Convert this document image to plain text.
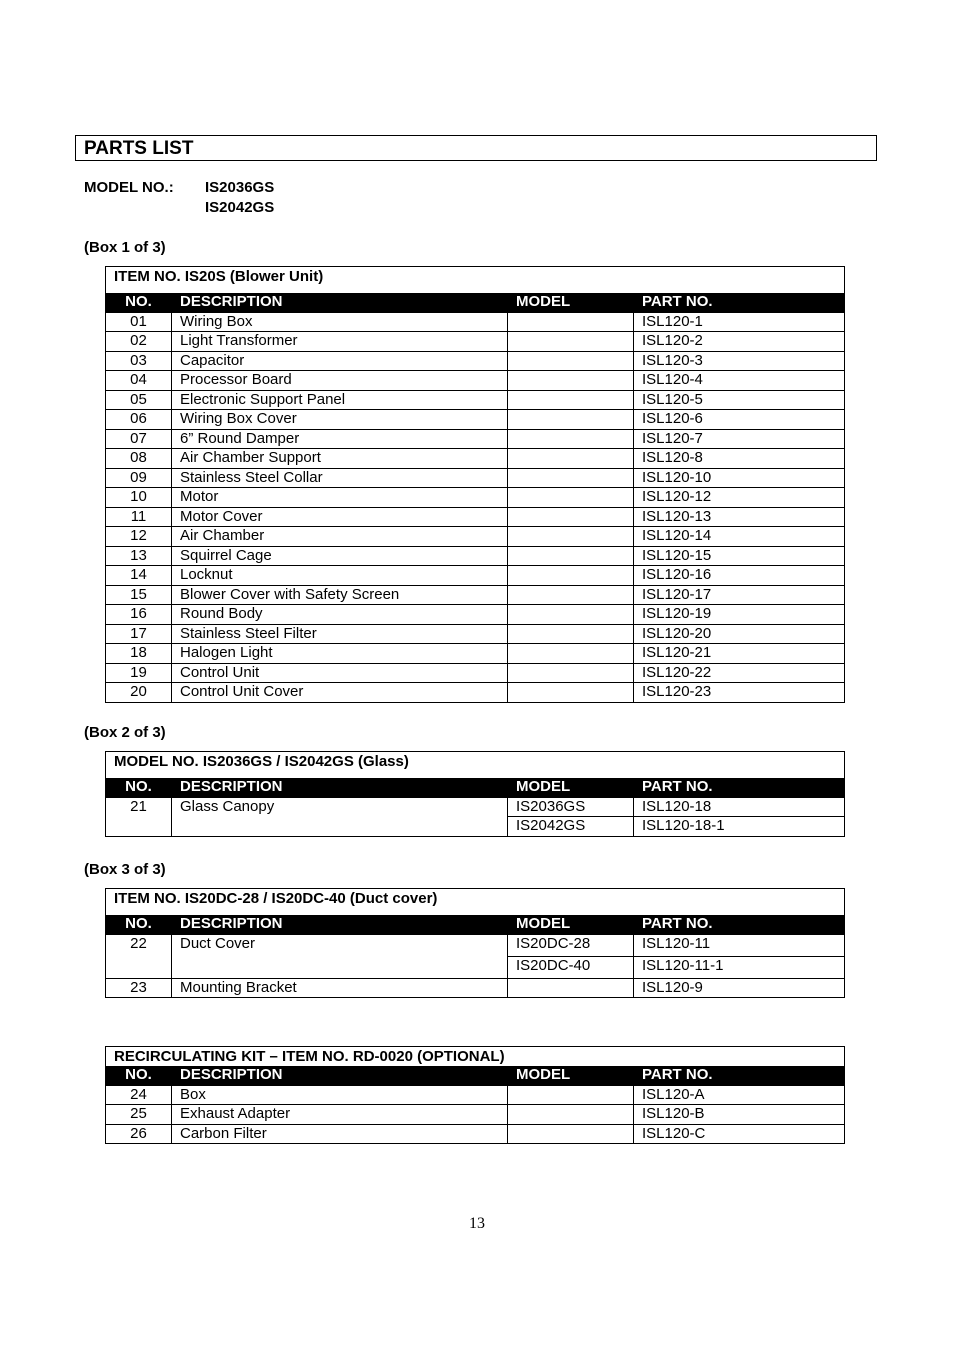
PARTS LIST
MODEL NO.: IS2036GS
IS2042GS
(Box 1 of 3)
ITEM NO. IS20S (Blower Unit)			
NO.	DESCRIPTION	MODEL	PART NO.
01	Wiring Box		ISL120-1
02	Light Transformer		ISL120-2
03	Capacitor		ISL120-3
04	Processor Board		ISL120-4
05	Electronic Support Panel		ISL120-5
06	Wiring Box Cover		ISL120-6
07	6” Round Damper		ISL120-7
08	Air Chamber Support		ISL120-8
09	Stainless Steel Collar		ISL120-10
10	Motor		ISL120-12
11	Motor Cover		ISL120-13
12	Air Chamber		ISL120-14
13	Squirrel Cage		ISL120-15
14	Locknut		ISL120-16
15	Blower Cover with Safety Screen		ISL120-17
16	Round Body		ISL120-19
17	Stainless Steel Filter		ISL120-20
18	Halogen Light		ISL120-21
19	Control Unit		ISL120-22
20	Control Unit Cover		ISL120-23
(Box 2 of 3)
MODEL NO. IS2036GS / IS2042GS (Glass)			
NO.	DESCRIPTION	MODEL	PART NO.
21	Glass Canopy	IS2036GS	ISL120-18
		IS2042GS	ISL120-18-1
(Box 3 of 3)
ITEM NO. IS20DC-28 / IS20DC-40 (Duct cover)			
NO.	DESCRIPTION	MODEL	PART NO.
22	Duct Cover	IS20DC-28	ISL120-11
		IS20DC-40	ISL120-11-1
23	Mounting Bracket		ISL120-9
RECIRCULATING KIT – ITEM NO. RD-0020 (OPTIONAL)			
NO.	DESCRIPTION	MODEL	PART NO.
24	Box		ISL120-A
25	Exhaust Adapter		ISL120-B
26	Carbon Filter		ISL120-C
13
